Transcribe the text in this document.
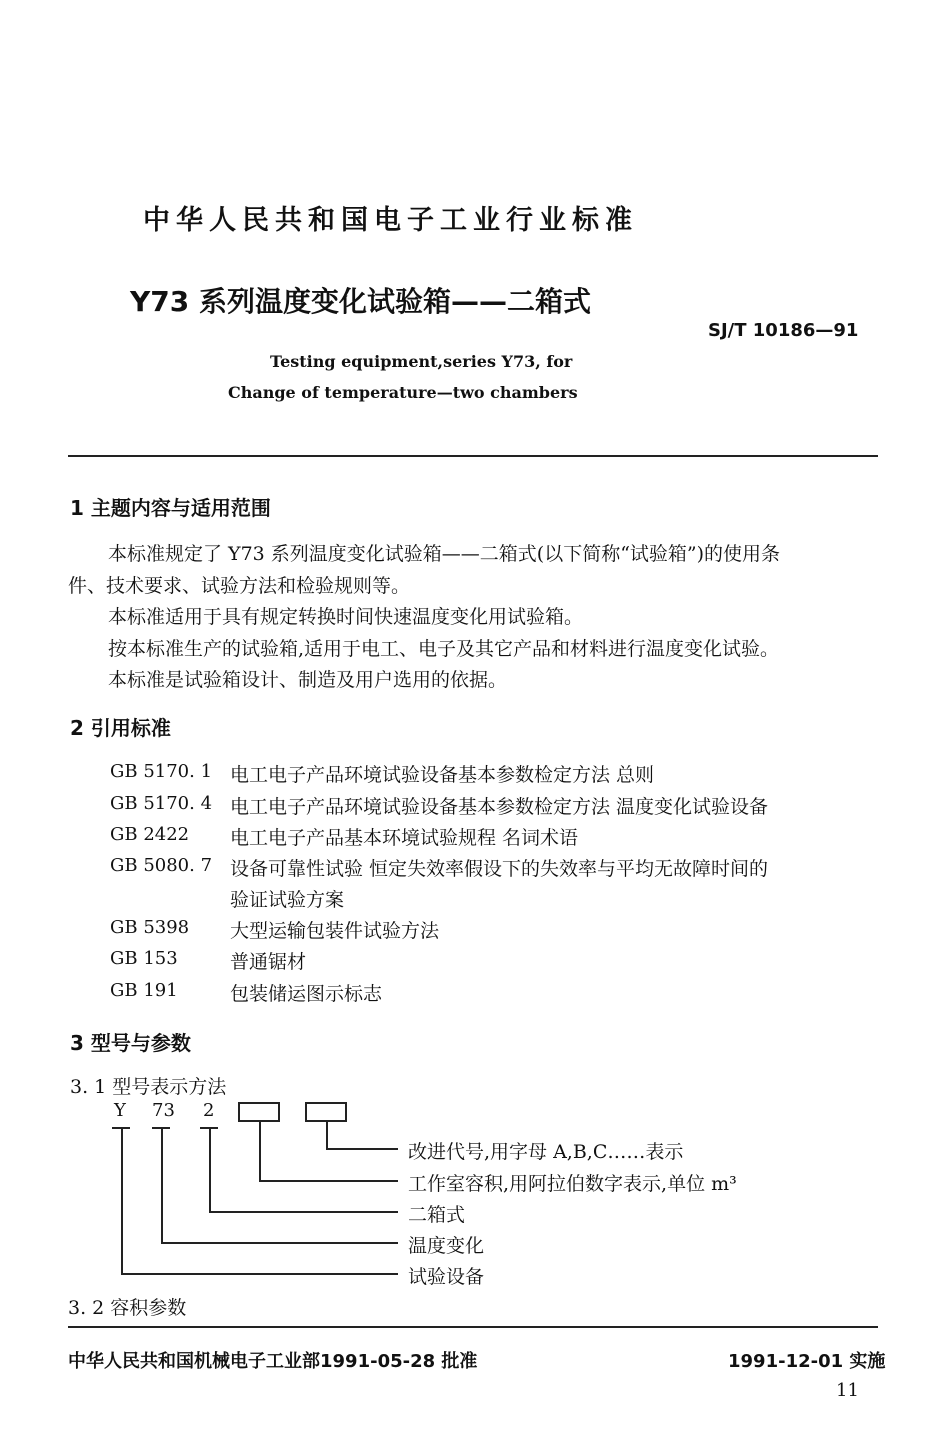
中华人民共和国电子工业行业标准
Y73 系列温度变化试验箱——二箱式
SJ/T 10186—91
Testing equipment,series Y73, for
Change of temperature—two chambers
1 主题内容与适用范围
本标准规定了 Y73 系列温度变化试验箱——二箱式(以下简称“试验箱”)的使用条
件、技术要求、试验方法和检验规则等。
本标准适用于具有规定转换时间快速温度变化用试验箱。
按本标准生产的试验箱,适用于电工、电子及其它产品和材料进行温度变化试验。
本标准是试验箱设计、制造及用户选用的依据。
2 引用标准
GB 5170. 1 电工电子产品环境试验设备基本参数检定方法 总则
GB 5170. 4 电工电子产品环境试验设备基本参数检定方法 温度变化试验设备
GB 2422 电工电子产品基本环境试验规程 名词术语
GB 5080. 7 设备可靠性试验 恒定失效率假设下的失效率与平均无故障时间的
验证试验方案
GB 5398 大型运输包装件试验方法
GB 153	普通锯材
GB 191	包装储运图示标志
3 型号与参数
3. 1 型号表示方法
Y 73 2
改进代号,用字母 A,B,C……表示
工作室容积,用阿拉伯数字表示,单位 m³
二箱式
温度变化
试验设备
3. 2 容积参数
中华人民共和国机械电子工业部1991-05-28 批准	1991-12-01 实施
11
